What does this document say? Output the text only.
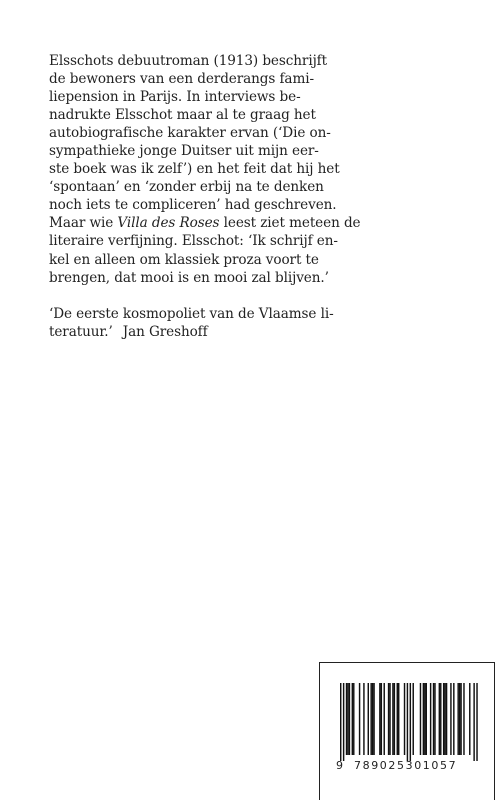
Elsschots debuutroman (1913) beschrijft
de bewoners van een derderangs fami-
liepension in Parijs. In interviews be-
nadrukte Elsschot maar al te graag het
autobiografische karakter ervan (‘Die on-
sympathieke jonge Duitser uit mijn eer-
ste boek was ik zelf’) en het feit dat hij het
‘spontaan’ en ‘zonder erbij na te denken
noch iets te compliceren’ had geschreven.
Maar wie Villa des Roses leest ziet meteen de
literaire verfijning. Elsschot: ‘Ik schrijf en-
kel en alleen om klassiek proza voort te
brengen, dat mooi is en mooi zal blijven.’
‘De eerste kosmopoliet van de Vlaamse li-
teratuur.’ Jan Greshoff
9 789025301057
